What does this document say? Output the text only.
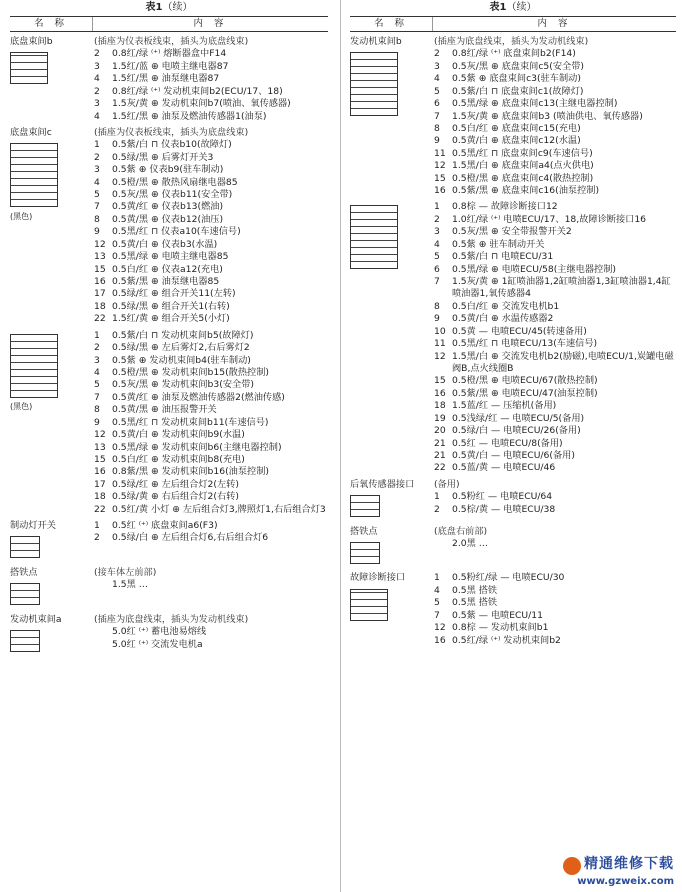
表1（续）
名 称	内 容
底盘束间b	(插座为仪表板线束，插头为底盘线束)
2	0.8红/绿 ⁽⁺⁾ 熔断器盒中F14
3	1.5红/蓝 ⊕ 电喷主继电器87
4	1.5红/黑 ⊕ 油泵继电器87
2	0.8红/绿 ⁽⁺⁾ 发动机束间b2(ECU/17、18)
3	1.5灰/黄 ⊕ 发动机束间b7(喷油、氧传感器)
4	1.5红/黑 ⊕ 油泵及燃油传感器1(油泵)
底盘束间c
(黑色)
(插座为仪表板线束，插头为底盘线束)
1	0.5紫/白 ⊓ 仪表b10(故障灯)
2	0.5绿/黑 ⊕ 后雾灯开关3
3	0.5紫 ⊕ 仪表b9(驻车制动)
4	0.5橙/黑 ⊕ 散热风扇继电器85
5	0.5灰/黑 ⊕ 仪表b11(安全带)
7	0.5黄/红 ⊕ 仪表b13(燃油)
8	0.5黄/黑 ⊕ 仪表b12(油压)
9	0.5黑/红 ⊓ 仪表a10(车速信号)
12 0.5黄/白 ⊕ 仪表b3(水温)
13 0.5黑/绿 ⊕ 电喷主继电器85
15 0.5白/红 ⊕ 仪表a12(充电)
16 0.5紫/黑 ⊕ 油泵继电器85
17 0.5绿/红 ⊕ 组合开关11(左转)
18 0.5绿/黑 ⊕ 组合开关1(右转)
22 1.5红/黄 ⊕ 组合开关5(小灯)
(黑色)
1	0.5紫/白 ⊓ 发动机束间b5(故障灯)
2	0.5绿/黑 ⊕ 左后雾灯2,右后雾灯2
3	0.5紫 ⊕ 发动机束间b4(驻车制动)
4	0.5橙/黑 ⊕ 发动机束间b15(散热控制)
5	0.5灰/黑 ⊕ 发动机束间b3(安全带)
7	0.5黄/红 ⊕ 油泵及燃油传感器2(燃油传感)
8	0.5黄/黑 ⊕ 油压报警开关
9	0.5黑/红 ⊓ 发动机束间b11(车速信号)
12 0.5黄/白 ⊕ 发动机束间b9(水温)
13 0.5黑/绿 ⊕ 发动机束间b6(主继电器控制)
15 0.5白/红 ⊕ 发动机束间b8(充电)
16 0.8紫/黑 ⊕ 发动机束间b16(油泵控制)
17 0.5绿/红 ⊕ 左后组合灯2(左转)
18 0.5绿/黄 ⊕ 右后组合灯2(右转)
22 0.5红/黄 小灯 ⊕ 左后组合灯3,牌照灯1,右后组合灯3
制动灯开关	1	0.5红 ⁽⁺⁾ 底盘束间a6(F3)
2	0.5绿/白 ⊕ 左后组合灯6,右后组合灯6
搭铁点	(接车体左前部)
1.5黑 …
发动机束间a	(插座为底盘线束，插头为发动机线束)
5.0红 ⁽⁺⁾ 蓄电池易熔线
5.0红 ⁽⁺⁾ 交流发电机a
表1（续）
名 称	内 容
发动机束间b	(插座为底盘线束，插头为发动机线束)
2	0.8红/绿 ⁽⁺⁾ 底盘束间b2(F14)
3	0.5灰/黑 ⊕ 底盘束间c5(安全带)
4	0.5紫 ⊕ 底盘束间c3(驻车制动)
5	0.5紫/白 ⊓ 底盘束间c1(故障灯)
6	0.5黑/绿 ⊕ 底盘束间c13(主继电器控制)
7	1.5灰/黄 ⊕ 底盘束间b3 (喷油供电、氧传感器)
8	0.5白/红 ⊕ 底盘束间c15(充电)
9	0.5黄/白 ⊕ 底盘束间c12(水温)
11 0.5黑/红 ⊓ 底盘束间c9(车速信号)
12 1.5黑/白 ⊕ 底盘束间a4(点火供电)
15 0.5橙/黑 ⊕ 底盘束间c4(散热控制)
16 0.5紫/黑 ⊕ 底盘束间c16(油泵控制)
1	0.8棕 — 故障诊断接口12
2	1.0红/绿 ⁽⁺⁾ 电喷ECU/17、18,故障诊断接口16
3	0.5灰/黑 ⊕ 安全带报警开关2
4	0.5紫 ⊕ 驻车制动开关
5	0.5紫/白 ⊓ 电喷ECU/31
6	0.5黑/绿 ⊕ 电喷ECU/58(主继电器控制)
7	1.5灰/黄 ⊕ 1缸喷油器1,2缸喷油器1,3缸喷油器1,4缸喷油器1,氧传感器4
8	0.5白/红 ⊕ 交流发电机b1
9	0.5黄/白 ⊕ 水温传感器2
10 0.5黄 — 电喷ECU/45(转速备用)
11 0.5黑/红 ⊓ 电喷ECU/13(车速信号)
12 1.5黑/白 ⊕ 交流发电机b2(励磁),电喷ECU/1,炭罐电磁阀B,点火线圈B
15 0.5橙/黑 ⊕ 电喷ECU/67(散热控制)
16 0.5紫/黑 ⊕ 电喷ECU/47(油泵控制)
18 1.5蓝/红 — 压缩机(备用)
19 0.5浅绿/红 — 电喷ECU/5(备用)
20 0.5绿/白 — 电喷ECU/26(备用)
21 0.5红 — 电喷ECU/8(备用)
21 0.5黄/白 — 电喷ECU/6(备用)
22 0.5蓝/黄 — 电喷ECU/46
后氧传感器接口	(备用)
1	0.5粉红 — 电喷ECU/64
2	0.5棕/黄 — 电喷ECU/38
搭铁点	(底盘右前部)
2.0黑 …
故障诊断接口	1	0.5粉红/绿 — 电喷ECU/30
4	0.5黑 搭铁
5	0.5黑 搭铁
7	0.5紫 — 电喷ECU/11
12 0.8棕 — 发动机束间b1
16 0.5红/绿 ⁽⁺⁾ 发动机束间b2
精通维修下载
www.gzweix.com
